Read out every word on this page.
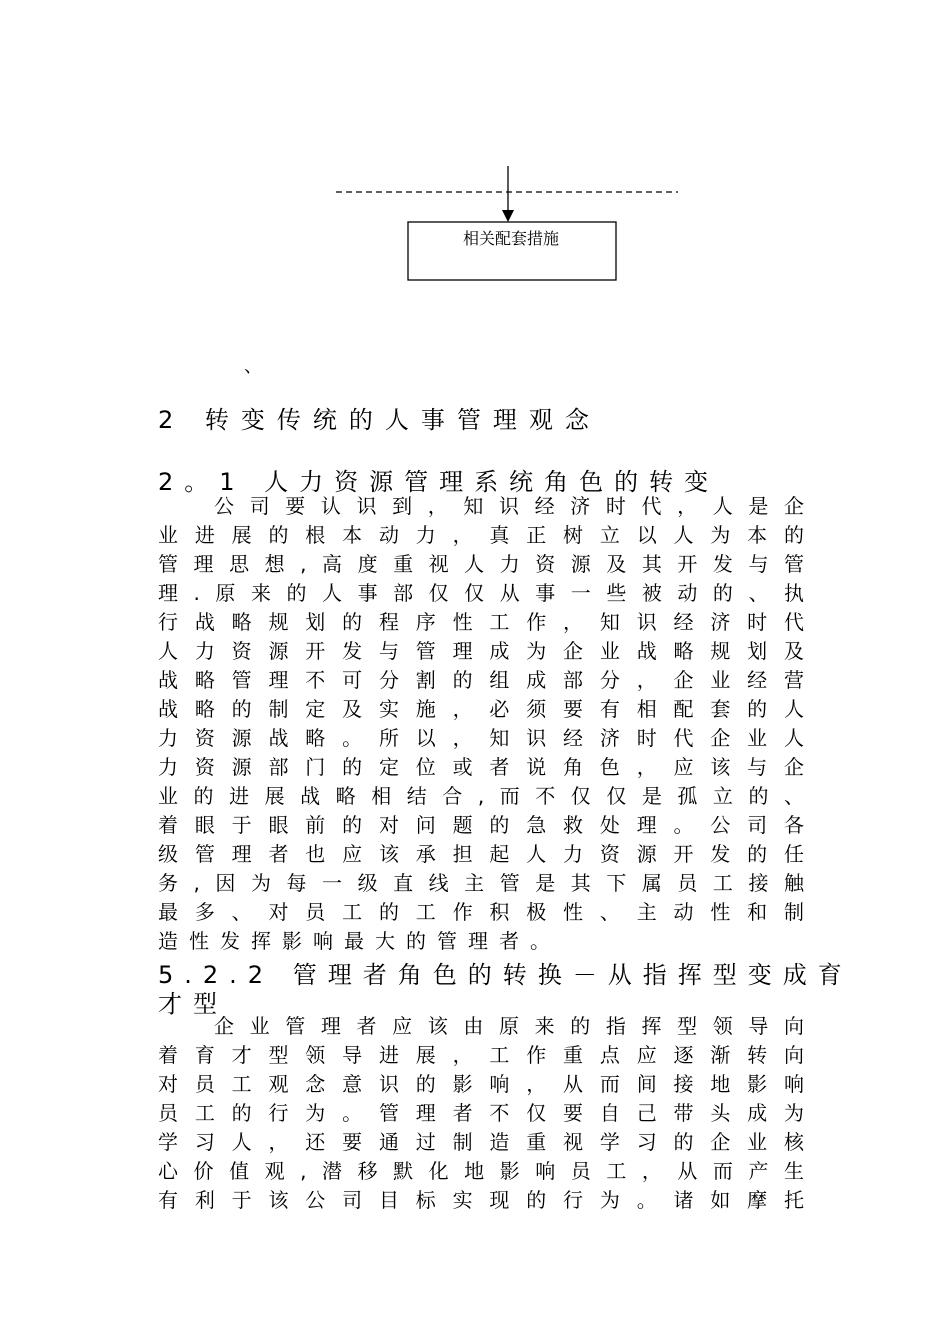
相关配套措施
、
2 转变传统的人事管理观念
2。1 人力资源管理系统角色的转变
公司要认识到，知识经济时代，人是企
业进展的根本动力，真正树立以人为本的
管理思想,高度重视人力资源及其开发与管
理.原来的人事部仅仅从事一些被动的、执
行战略规划的程序性工作，知识经济时代
人力资源开发与管理成为企业战略规划及
战略管理不可分割的组成部分，企业经营
战略的制定及实施，必须要有相配套的人
力资源战略。所以，知识经济时代企业人
力资源部门的定位或者说角色，应该与企
业的进展战略相结合,而不仅仅是孤立的、
着眼于眼前的对问题的急救处理。公司各
级管理者也应该承担起人力资源开发的任
务,因为每一级直线主管是其下属员工接触
最多、对员工的工作积极性、主动性和制
造性发挥影响最大的管理者。
5.2.2 管理者角色的转换－从指挥型变成育
才型
企业管理者应该由原来的指挥型领导向
着育才型领导进展，工作重点应逐渐转向
对员工观念意识的影响，从而间接地影响
员工的行为。管理者不仅要自己带头成为
学习人，还要通过制造重视学习的企业核
心价值观,潜移默化地影响员工，从而产生
有利于该公司目标实现的行为。诸如摩托
